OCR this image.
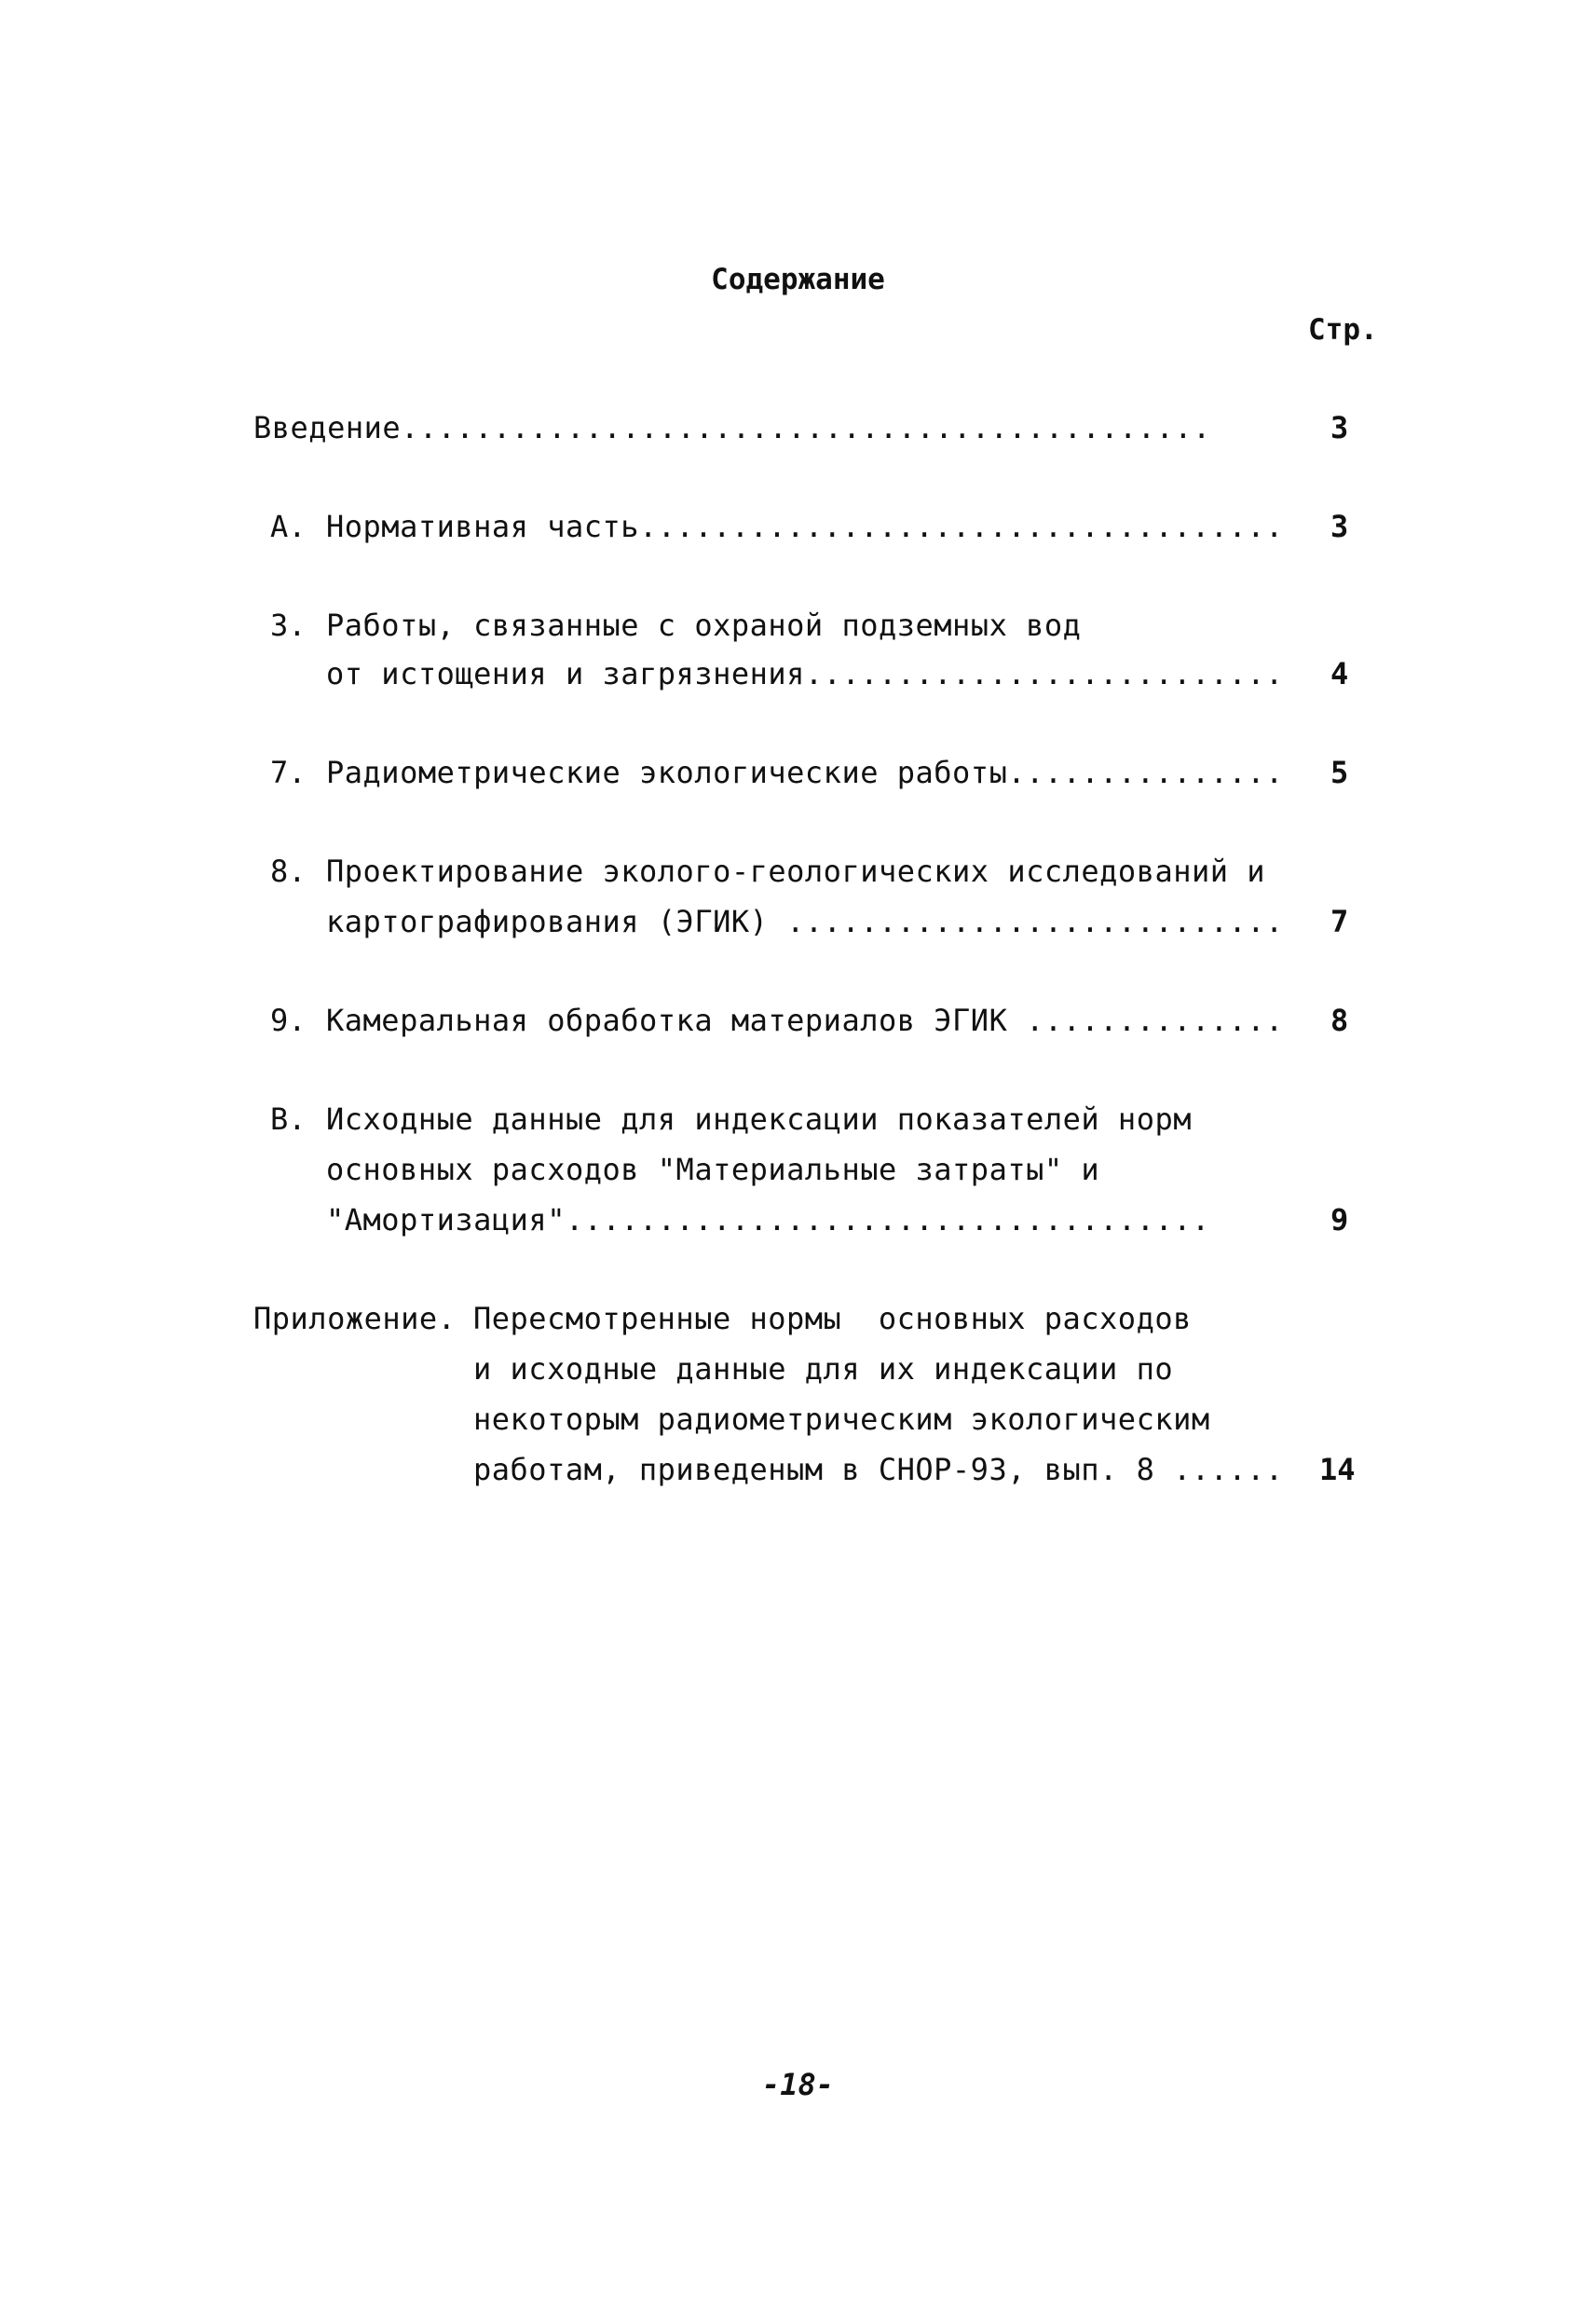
Содержание
Стр.
Введение............................................	3
А. Нормативная часть................................... 3
3. Работы, связанные с охраной подземных вод
от истощения и загрязнения.......................... 4
7. Радиометрические экологические работы............... 5
8. Проектирование эколого-геологических исследований и
картографирования (ЭГИК) ........................... 7
9. Камеральная обработка материалов ЭГИК .............. 8
В. Исходные данные для индексации показателей норм
основных расходов "Материальные затраты" и
"Амортизация"...................................	9
Приложение. Пересмотренные нормы  основных расходов
и исходные данные для их индексации по
некоторым радиометрическим экологическим
работам, приведеным в СНОР-93, вып. 8 ...... 14
-18-
